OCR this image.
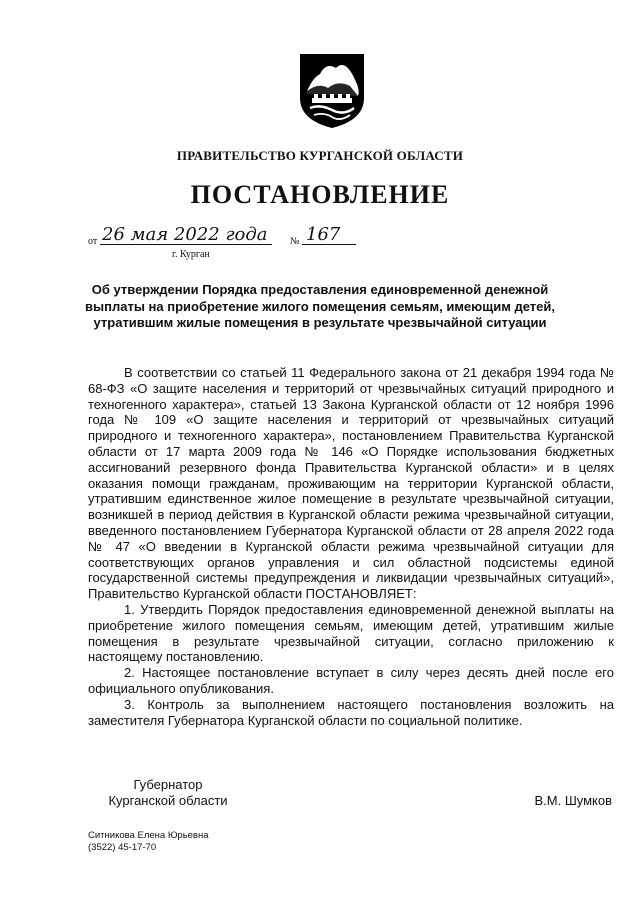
ПРАВИТЕЛЬСТВО КУРГАНСКОЙ ОБЛАСТИ
ПОСТАНОВЛЕНИЕ
от 26 мая 2022 года № 167
г. Курган
Об утверждении Порядка предоставления единовременной денежной выплаты на приобретение жилого помещения семьям, имеющим детей, утратившим жилые помещения в результате чрезвычайной ситуации

В соответствии со статьей 11 Федерального закона от 21 декабря 1994 года № 68-ФЗ «О защите населения и территорий от чрезвычайных ситуаций природного и техногенного характера», статьей 13 Закона Курганской области от 12 ноября 1996 года № 109 «О защите населения и территорий от чрезвычайных ситуаций природного и техногенного характера», постановлением Правительства Курганской области от 17 марта 2009 года № 146 «О Порядке использования бюджетных ассигнований резервного фонда Правительства Курганской области» и в целях оказания помощи гражданам, проживающим на территории Курганской области, утратившим единственное жилое помещение в результате чрезвычайной ситуации, возникшей в период действия в Курганской области режима чрезвычайной ситуации, введенного постановлением Губернатора Курганской области от 28 апреля 2022 года № 47 «О введении в Курганской области режима чрезвычайной ситуации для соответствующих органов управления и сил областной подсистемы единой государственной системы предупреждения и ликвидации чрезвычайных ситуаций», Правительство Курганской области ПОСТАНОВЛЯЕТ:

1. Утвердить Порядок предоставления единовременной денежной выплаты на приобретение жилого помещения семьям, имеющим детей, утратившим жилые помещения в результате чрезвычайной ситуации, согласно приложению к настоящему постановлению.

2. Настоящее постановление вступает в силу через десять дней после его официального опубликования.

3. Контроль за выполнением настоящего постановления возложить на заместителя Губернатора Курганской области по социальной политике.

Губернатор
Курганской области	В.М. Шумков
Ситникова Елена Юрьевна
(3522) 45-17-70
